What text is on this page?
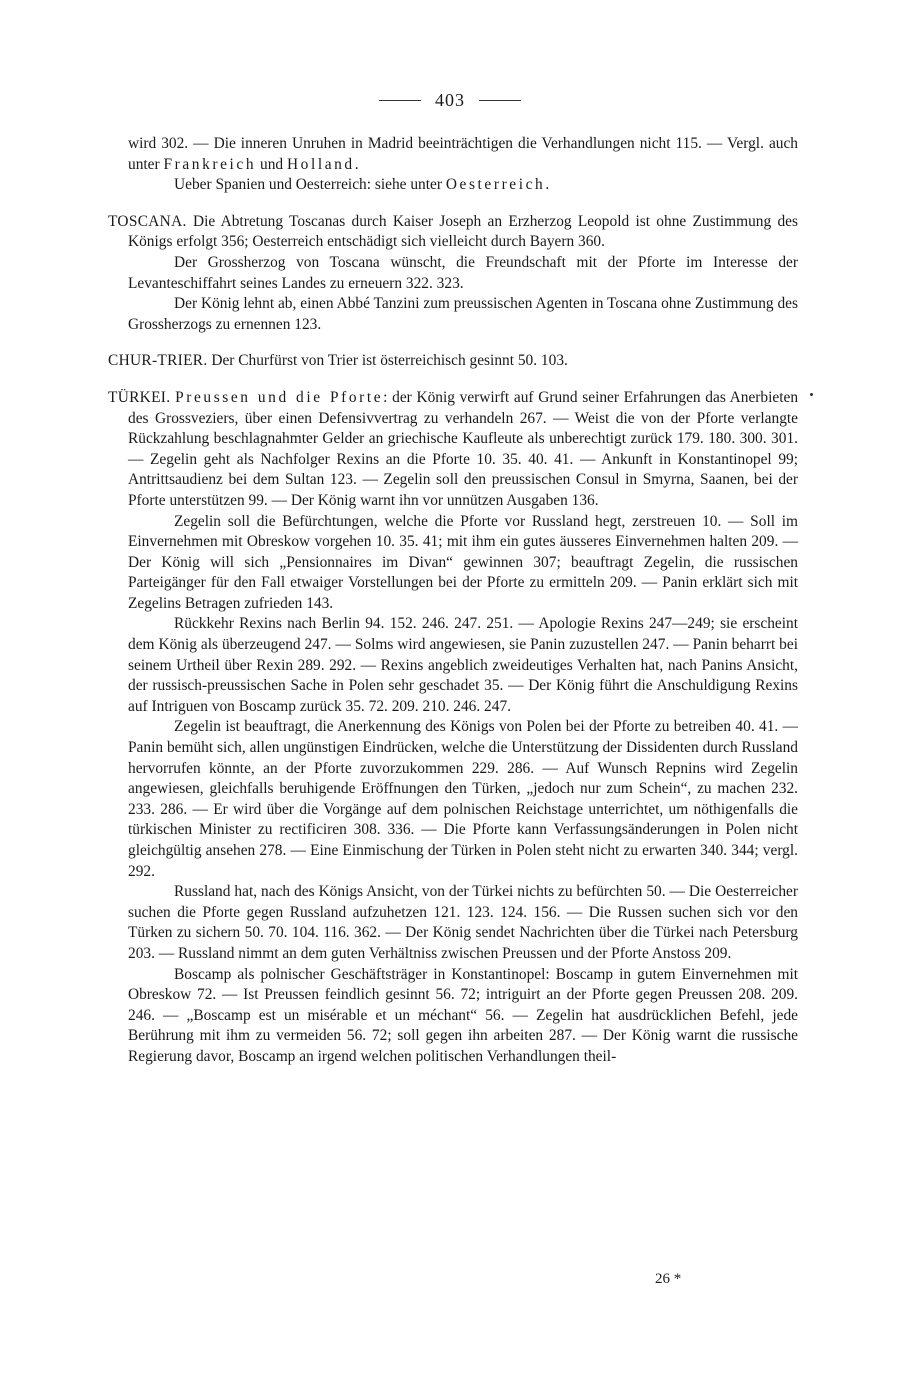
403

wird 302. — Die inneren Unruhen in Madrid beeinträchtigen die Verhandlungen nicht 115. — Vergl. auch unter Frankreich und Holland.

Ueber Spanien und Oesterreich: siehe unter Oesterreich.

TOSCANA. Die Abtretung Toscanas durch Kaiser Joseph an Erzherzog Leopold ist ohne Zustimmung des Königs erfolgt 356; Oesterreich entschädigt sich vielleicht durch Bayern 360.

Der Grossherzog von Toscana wünscht, die Freundschaft mit der Pforte im Interesse der Levanteschiffahrt seines Landes zu erneuern 322. 323.

Der König lehnt ab, einen Abbé Tanzini zum preussischen Agenten in Toscana ohne Zustimmung des Grossherzogs zu ernennen 123.

CHUR-TRIER. Der Churfürst von Trier ist österreichisch gesinnt 50. 103.

TÜRKEI. Preussen und die Pforte: der König verwirft auf Grund seiner Erfahrungen das Anerbieten des Grossveziers, über einen Defensivvertrag zu verhandeln 267. — Weist die von der Pforte verlangte Rückzahlung beschlagnahmter Gelder an griechische Kaufleute als unberechtigt zurück 179. 180. 300. 301. — Zegelin geht als Nachfolger Rexins an die Pforte 10. 35. 40. 41. — Ankunft in Konstantinopel 99; Antrittsaudienz bei dem Sultan 123. — Zegelin soll den preussischen Consul in Smyrna, Saanen, bei der Pforte unterstützen 99. — Der König warnt ihn vor unnützen Ausgaben 136.

Zegelin soll die Befürchtungen, welche die Pforte vor Russland hegt, zerstreuen 10. — Soll im Einvernehmen mit Obreskow vorgehen 10. 35. 41; mit ihm ein gutes äusseres Einvernehmen halten 209. — Der König will sich „Pensionnaires im Divan“ gewinnen 307; beauftragt Zegelin, die russischen Parteigänger für den Fall etwaiger Vorstellungen bei der Pforte zu ermitteln 209. — Panin erklärt sich mit Zegelins Betragen zufrieden 143.

Rückkehr Rexins nach Berlin 94. 152. 246. 247. 251. — Apologie Rexins 247—249; sie erscheint dem König als überzeugend 247. — Solms wird angewiesen, sie Panin zuzustellen 247. — Panin beharrt bei seinem Urtheil über Rexin 289. 292. — Rexins angeblich zweideutiges Verhalten hat, nach Panins Ansicht, der russisch-preussischen Sache in Polen sehr geschadet 35. — Der König führt die Anschuldigung Rexins auf Intriguen von Boscamp zurück 35. 72. 209. 210. 246. 247.

Zegelin ist beauftragt, die Anerkennung des Königs von Polen bei der Pforte zu betreiben 40. 41. — Panin bemüht sich, allen ungünstigen Eindrücken, welche die Unterstützung der Dissidenten durch Russland hervorrufen könnte, an der Pforte zuvorzukommen 229. 286. — Auf Wunsch Repnins wird Zegelin angewiesen, gleichfalls beruhigende Eröffnungen den Türken, „jedoch nur zum Schein“, zu machen 232. 233. 286. — Er wird über die Vorgänge auf dem polnischen Reichstage unterrichtet, um nöthigenfalls die türkischen Minister zu rectificiren 308. 336. — Die Pforte kann Verfassungsänderungen in Polen nicht gleichgültig ansehen 278. — Eine Einmischung der Türken in Polen steht nicht zu erwarten 340. 344; vergl. 292.

Russland hat, nach des Königs Ansicht, von der Türkei nichts zu befürchten 50. — Die Oesterreicher suchen die Pforte gegen Russland aufzuhetzen 121. 123. 124. 156. — Die Russen suchen sich vor den Türken zu sichern 50. 70. 104. 116. 362. — Der König sendet Nachrichten über die Türkei nach Petersburg 203. — Russland nimmt an dem guten Verhältniss zwischen Preussen und der Pforte Anstoss 209.

Boscamp als polnischer Geschäftsträger in Konstantinopel: Boscamp in gutem Einvernehmen mit Obreskow 72. — Ist Preussen feindlich gesinnt 56. 72; intriguirt an der Pforte gegen Preussen 208. 209. 246. — „Boscamp est un misérable et un méchant“ 56. — Zegelin hat ausdrücklichen Befehl, jede Berührung mit ihm zu vermeiden 56. 72; soll gegen ihn arbeiten 287. — Der König warnt die russische Regierung davor, Boscamp an irgend welchen politischen Verhandlungen theil-

26 *
